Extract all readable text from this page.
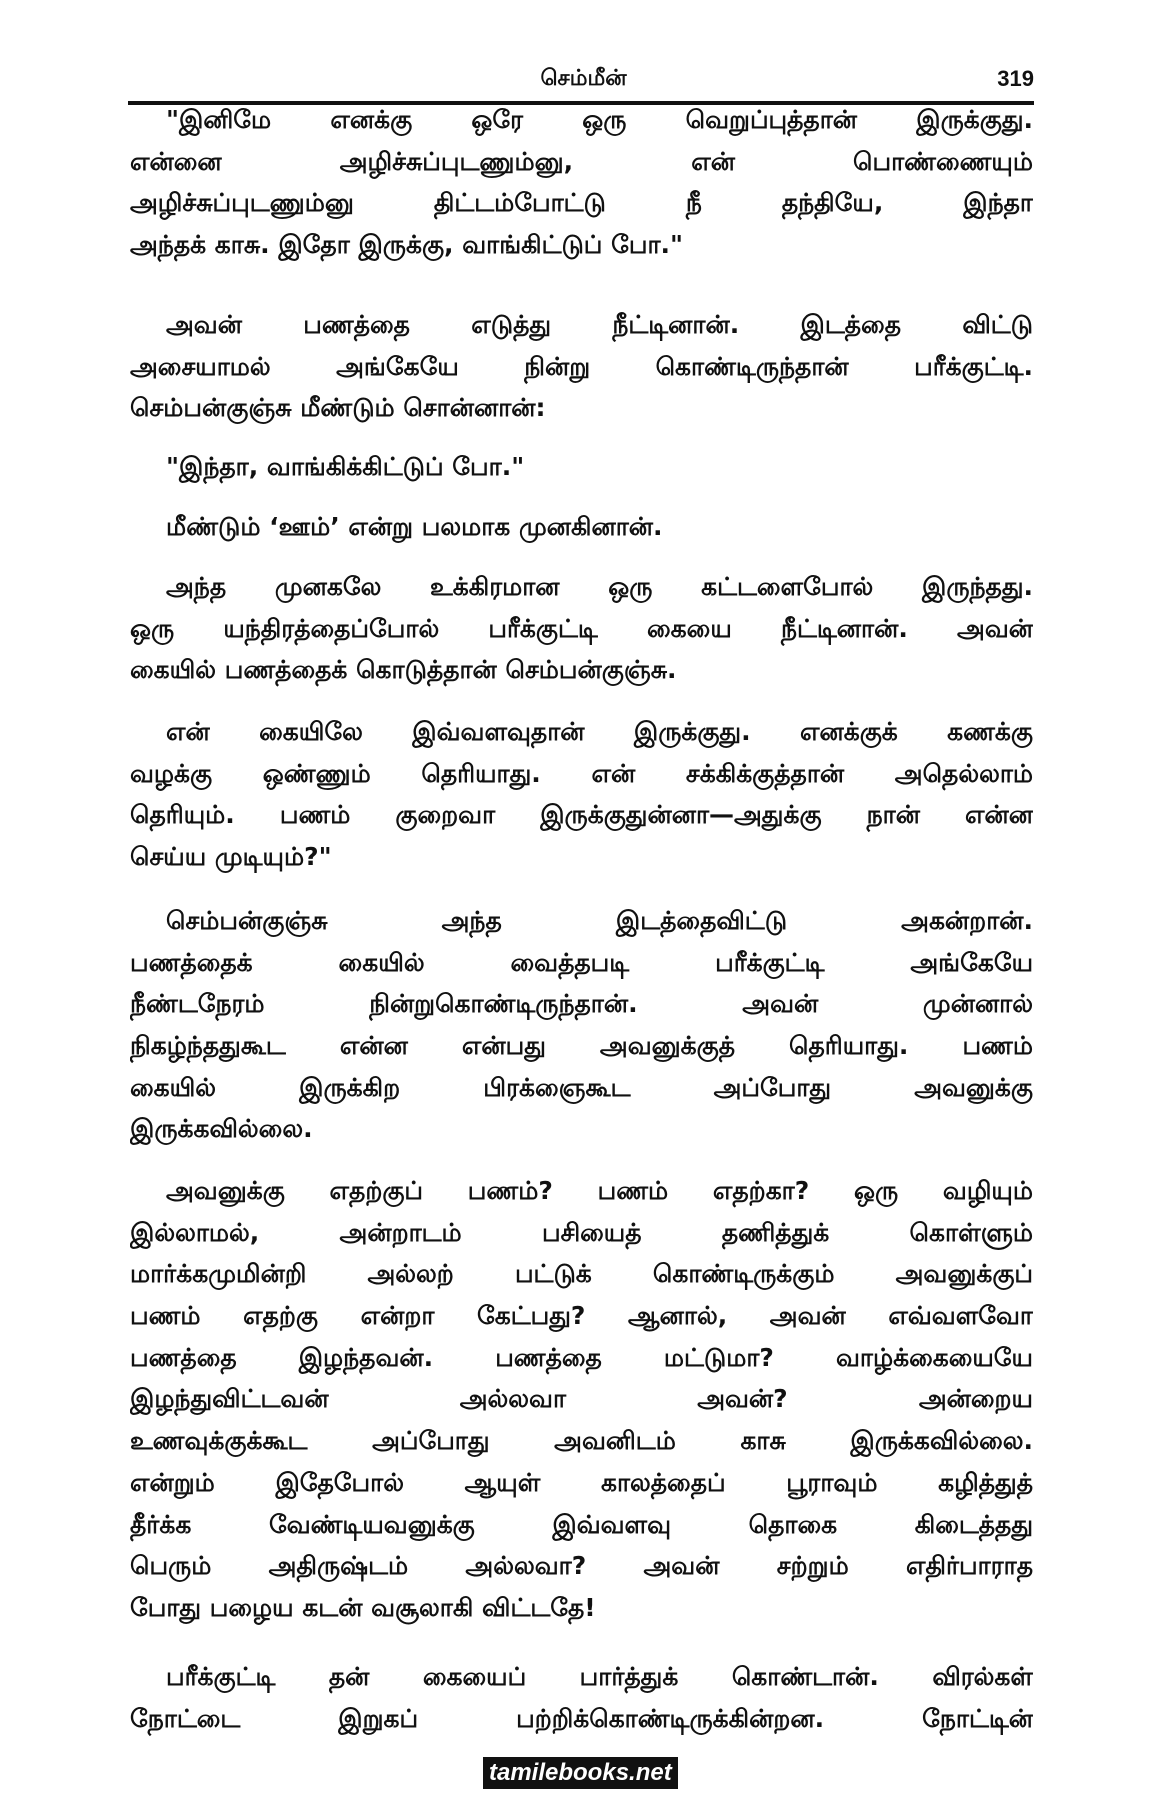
செம்மீன்	319
"இனிமே எனக்கு ஒரே ஒரு வெறுப்புத்தான் இருக்குது.
என்னை அழிச்சுப்புடணும்னு, என் பொண்ணையும்
அழிச்சுப்புடணும்னு திட்டம்போட்டு நீ தந்தியே, இந்தா
அந்தக் காசு. இதோ இருக்கு, வாங்கிட்டுப் போ."
அவன் பணத்தை எடுத்து நீட்டினான். இடத்தை விட்டு
அசையாமல் அங்கேயே நின்று கொண்டிருந்தான் பரீக்குட்டி.
செம்பன்குஞ்சு மீண்டும் சொன்னான்:
"இந்தா, வாங்கிக்கிட்டுப் போ."
மீண்டும் ‘ஊம்’ என்று பலமாக முனகினான்.
அந்த முனகலே உக்கிரமான ஒரு கட்டளைபோல் இருந்தது.
ஒரு யந்திரத்தைப்போல் பரீக்குட்டி கையை நீட்டினான். அவன்
கையில் பணத்தைக் கொடுத்தான் செம்பன்குஞ்சு.
என் கையிலே இவ்வளவுதான் இருக்குது. எனக்குக் கணக்கு
வழக்கு ஒண்ணும் தெரியாது. என் சக்கிக்குத்தான் அதெல்லாம்
தெரியும். பணம் குறைவா இருக்குதுன்னா—அதுக்கு நான் என்ன
செய்ய முடியும்?"
செம்பன்குஞ்சு அந்த இடத்தைவிட்டு அகன்றான்.
பணத்தைக் கையில் வைத்தபடி பரீக்குட்டி அங்கேயே
நீண்டநேரம் நின்றுகொண்டிருந்தான். அவன் முன்னால்
நிகழ்ந்ததுகூட என்ன என்பது அவனுக்குத் தெரியாது. பணம்
கையில் இருக்கிற பிரக்ஞைகூட அப்போது அவனுக்கு
இருக்கவில்லை.
அவனுக்கு எதற்குப் பணம்? பணம் எதற்கா? ஒரு வழியும்
இல்லாமல், அன்றாடம் பசியைத் தணித்துக் கொள்ளும்
மார்க்கமுமின்றி அல்லற் பட்டுக் கொண்டிருக்கும் அவனுக்குப்
பணம் எதற்கு என்றா கேட்பது? ஆனால், அவன் எவ்வளவோ
பணத்தை இழந்தவன். பணத்தை மட்டுமா? வாழ்க்கையையே
இழந்துவிட்டவன் அல்லவா அவன்? அன்றைய
உணவுக்குக்கூட அப்போது அவனிடம் காசு இருக்கவில்லை.
என்றும் இதேபோல் ஆயுள் காலத்தைப் பூராவும் கழித்துத்
தீர்க்க வேண்டியவனுக்கு இவ்வளவு தொகை கிடைத்தது
பெரும் அதிருஷ்டம் அல்லவா? அவன் சற்றும் எதிர்பாராத
போது பழைய கடன் வசூலாகி விட்டதே!
பரீக்குட்டி தன் கையைப் பார்த்துக் கொண்டான். விரல்கள்
நோட்டை இறுகப் பற்றிக்கொண்டிருக்கின்றன. நோட்டின்
tamilebooks.net
